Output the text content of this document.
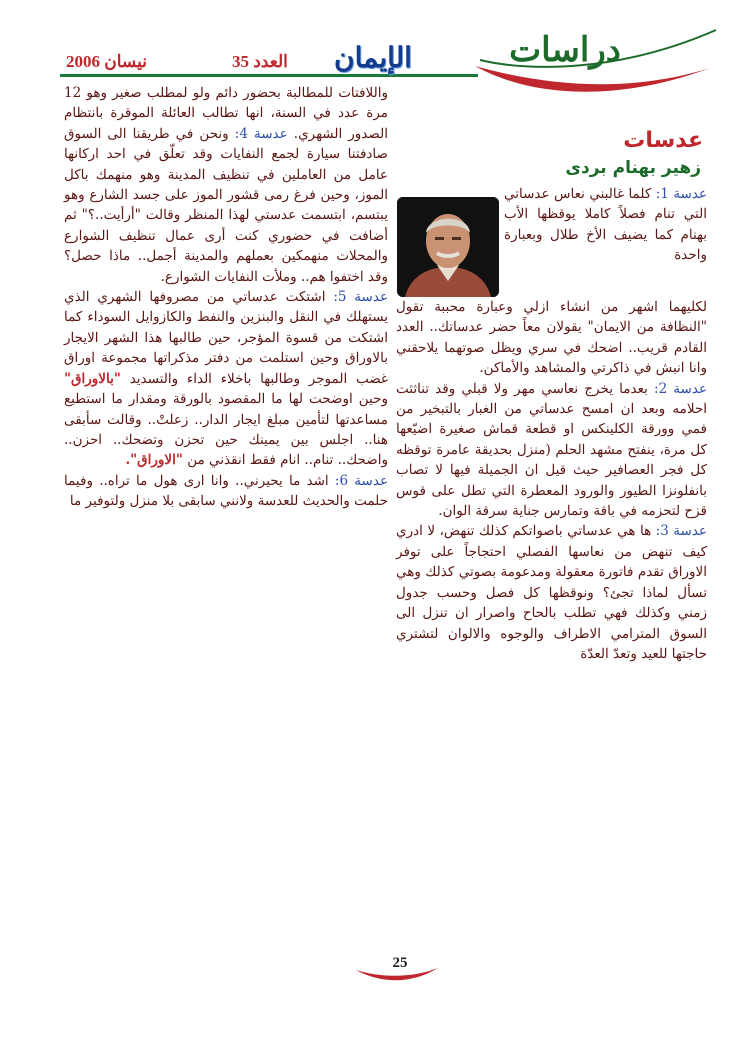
نيسان 2006	العدد 35	الإيمان	دراسات
عدسات
زهير بهنام بردى

واللافتات للمطالبة بحضور دائم ولو لمطلب صغير وهو 12 مرة عدد في السنة، انها تطالب العائلة الموقرة بانتظام الصدور الشهري. عدسة 4: ونحن في طريقنا الى السوق صادفتنا سيارة لجمع النفايات وقد تعلّق في احد اركانها عامل من العاملين في تنظيف المدينة وهو منهمك باكل الموز، وحين فرغ رمى قشور الموز على جسد الشارع وهو يبتسم، ابتسمت عدستي لهذا المنظر وقالت "أرأيت..؟" ثم أضافت في حضوري كنت أرى عمال تنظيف الشوارع والمحلات منهمكين بعملهم والمدينة أجمل.. ماذا حصل؟ وقد اختفوا هم.. وملأت النفايات الشوارع.

عدسة 5: اشتكت عدساتي من مصروفها الشهري الذي يستهلك في النقل والبنزين والنفط والكازوايل السوداء كما اشتكت من قسوة المؤجر، حين طالبها هذا الشهر الايجار بالاوراق وحين استلمت من دفتر مذكراتها مجموعة اوراق غضب الموجر وطالبها باخلاء الداء والتسديد "بالاوراق" وحين اوضحت لها ما المقصود بالورقة ومقدار ما استطيع مساعدتها لتأمين مبلغ ايجار الدار.. زعلتْ.. وقالت سأبقى هنا.. اجلس بين يمينك حين تحزن وتضحك.. احزن.. واضحك.. تنام.. انام فقط انقذني من "الاوراق".

عدسة 6: اشد ما يحيرني.. وانا ارى هول ما تراه.. وفيما حلمت والحديث للعدسة ولانني سابقى بلا منزل ولتوفير ما

عدسة 1: كلما غالبني نعاس عدساتي التي تنام فصلاً كاملا يوقظها الأب بهنام كما يضيف الأخ طلال وبعبارة واحدة

لكليهما اشهر من انشاء ازلي وعبارة محببة تقول "النظافة من الايمان" يقولان معاً حضر عدساتك.. العدد القادم قريب.. اضحك في سري ويظل صوتهما يلاحقني وانا انبش في ذاكرتي والمشاهد والأماكن.

عدسة 2: بعدما يخرج نعاسي مهر ولا قبلي وقد تناثثت احلامه وبعد ان امسح عدساتي من الغبار بالتبخير من فمي وورقة الكلينكس او قطعة قماش صغيرة اضيّعها كل مرة، ينفتح مشهد الحلم (منزل بحديقة عامرة توقظه كل فجر العصافير حيث قيل ان الجميلة فيها لا تصاب بانفلونزا الطيور والورود المعطرة التي تطل على قوس قزح لتحزمه في باقة وتمارس جناية سرقة الوان.

عدسة 3: ها هي عدساتي باصواتكم كذلك تنهض، لا ادري كيف تنهض من نعاسها الفصلي احتجاجاً على توفر الاوراق تقدم فاتورة معقولة ومدعومة بصوتي كذلك وهي تسأل لماذا تجئ؟ ونوقظها كل فصل وحسب جدول زمني وكذلك فهي تطلب بالحاح واصرار ان تنزل الى السوق المترامي الاطراف والوجوه والالوان لتشتري حاجتها للعيد وتعدّ العدّة

25
